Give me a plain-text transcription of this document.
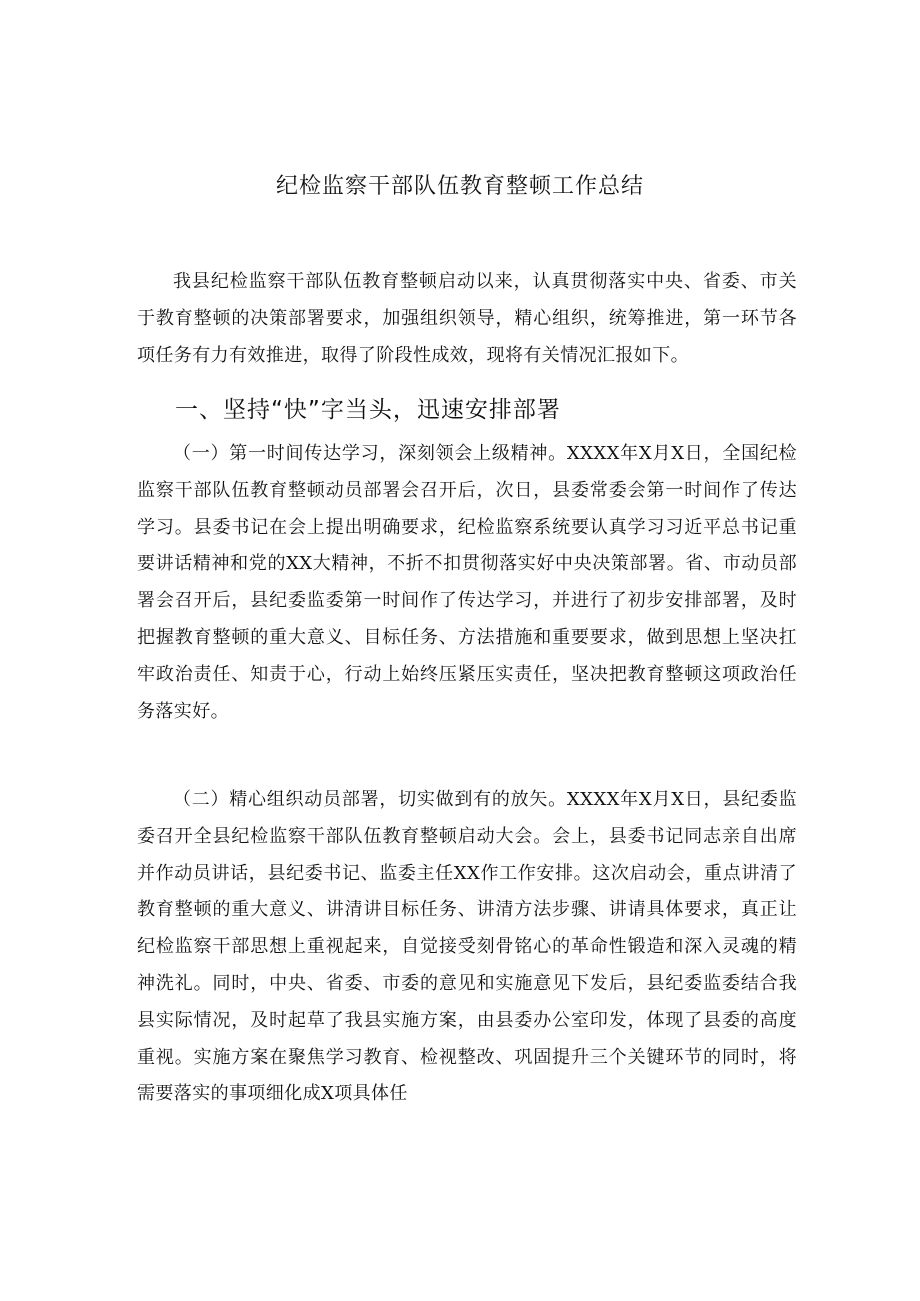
纪检监察干部队伍教育整顿工作总结

我县纪检监察干部队伍教育整顿启动以来，认真贯彻落实中央、省委、市关于教育整顿的决策部署要求，加强组织领导，精心组织，统筹推进，第一环节各项任务有力有效推进，取得了阶段性成效，现将有关情况汇报如下。

一、坚持“快”字当头，迅速安排部署

（一）第一时间传达学习，深刻领会上级精神。XXXX年X月X日，全国纪检监察干部队伍教育整顿动员部署会召开后，次日，县委常委会第一时间作了传达学习。县委书记在会上提出明确要求，纪检监察系统要认真学习习近平总书记重要讲话精神和党的XX大精神，不折不扣贯彻落实好中央决策部署。省、市动员部署会召开后，县纪委监委第一时间作了传达学习，并进行了初步安排部署，及时把握教育整顿的重大意义、目标任务、方法措施和重要要求，做到思想上坚决扛牢政治责任、知责于心，行动上始终压紧压实责任，坚决把教育整顿这项政治任务落实好。

（二）精心组织动员部署，切实做到有的放矢。XXXX年X月X日，县纪委监委召开全县纪检监察干部队伍教育整顿启动大会。会上，县委书记同志亲自出席并作动员讲话，县纪委书记、监委主任XX作工作安排。这次启动会，重点讲清了教育整顿的重大意义、讲清讲目标任务、讲清方法步骤、讲请具体要求，真正让纪检监察干部思想上重视起来，自觉接受刻骨铭心的革命性锻造和深入灵魂的精神洗礼。同时，中央、省委、市委的意见和实施意见下发后，县纪委监委结合我县实际情况，及时起草了我县实施方案，由县委办公室印发，体现了县委的高度重视。实施方案在聚焦学习教育、检视整改、巩固提升三个关键环节的同时，将需要落实的事项细化成X项具体任
